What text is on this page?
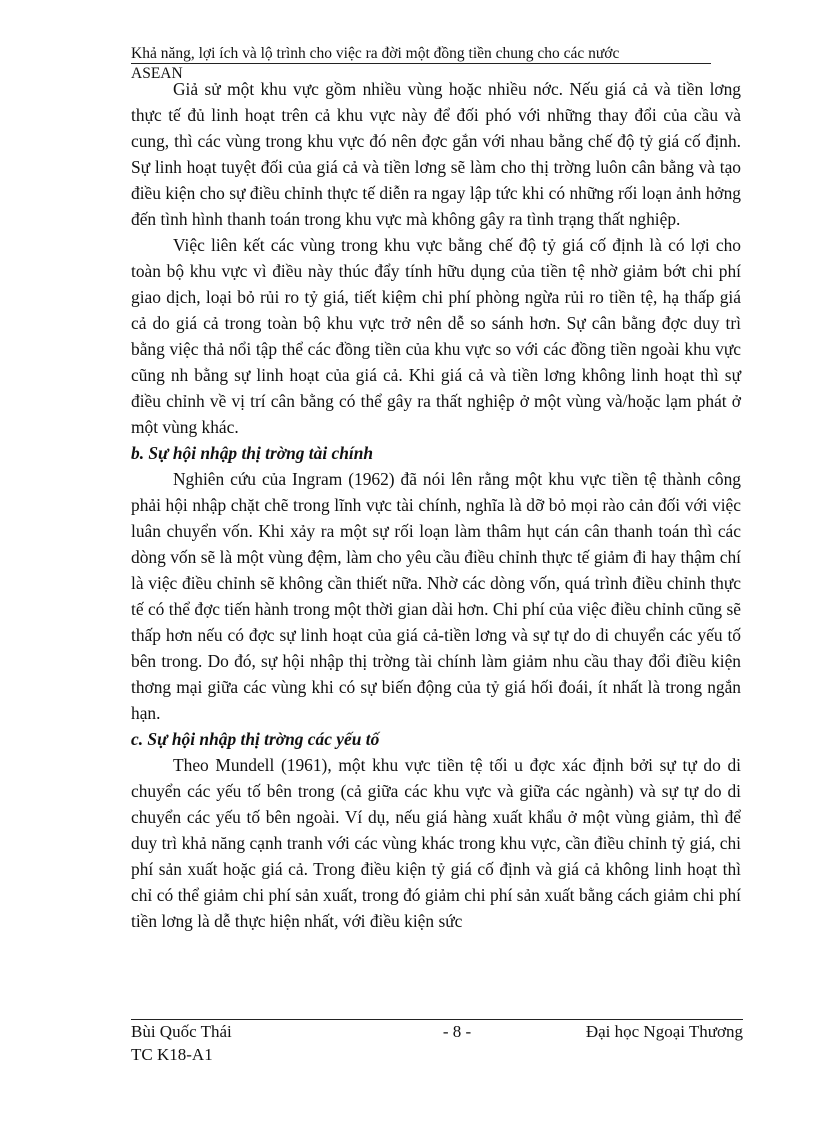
Khả năng, lợi ích và lộ trình cho việc ra đời một đồng tiền chung cho các nước
ASEAN

Giả sử một khu vực gồm nhiều vùng hoặc nhiều nớc. Nếu giá cả và tiền lơng thực tế đủ linh hoạt trên cả khu vực này để đối phó với những thay đổi của cầu và cung, thì các vùng trong khu vực đó nên đợc gắn với nhau bằng chế độ tỷ giá cố định. Sự linh hoạt tuyệt đối của giá cả và tiền lơng sẽ làm cho thị trờng luôn cân bằng và tạo điều kiện cho sự điều chỉnh thực tế diễn ra ngay lập tức khi có những rối loạn ảnh hởng đến tình hình thanh toán trong khu vực mà không gây ra tình trạng thất nghiệp.

Việc liên kết các vùng trong khu vực bằng chế độ tỷ giá cố định là có lợi cho toàn bộ khu vực vì điều này thúc đẩy tính hữu dụng của tiền tệ nhờ giảm bớt chi phí giao dịch, loại bỏ rủi ro tỷ giá, tiết kiệm chi phí phòng ngừa rủi ro tiền tệ, hạ thấp giá cả do giá cả trong toàn bộ khu vực trở nên dễ so sánh hơn. Sự cân bằng đợc duy trì bằng việc thả nổi tập thể các đồng tiền của khu vực so với các đồng tiền ngoài khu vực cũng nh bằng sự linh hoạt của giá cả. Khi giá cả và tiền lơng không linh hoạt thì sự điều chỉnh về vị trí cân bằng có thể gây ra thất nghiệp ở một vùng và/hoặc lạm phát ở một vùng khác.

b. Sự hội nhập thị trờng tài chính

Nghiên cứu của Ingram (1962) đã nói lên rằng một khu vực tiền tệ thành công phải hội nhập chặt chẽ trong lĩnh vực tài chính, nghĩa là dỡ bỏ mọi rào cản đối với việc luân chuyển vốn. Khi xảy ra một sự rối loạn làm thâm hụt cán cân thanh toán thì các dòng vốn sẽ là một vùng đệm, làm cho yêu cầu điều chỉnh thực tế giảm đi hay thậm chí là việc điều chỉnh sẽ không cần thiết nữa. Nhờ các dòng vốn, quá trình điều chỉnh thực tế có thể đợc tiến hành trong một thời gian dài hơn. Chi phí của việc điều chỉnh cũng sẽ thấp hơn nếu có đợc sự linh hoạt của giá cả-tiền lơng và sự tự do di chuyển các yếu tố bên trong. Do đó, sự hội nhập thị trờng tài chính làm giảm nhu cầu thay đổi điều kiện thơng mại giữa các vùng khi có sự biến động của tỷ giá hối đoái, ít nhất là trong ngắn hạn.

c. Sự hội nhập thị trờng các yếu tố

Theo Mundell (1961), một khu vực tiền tệ tối u đợc xác định bởi sự tự do di chuyển các yếu tố bên trong (cả giữa các khu vực và giữa các ngành) và sự tự do di chuyển các yếu tố bên ngoài. Ví dụ, nếu giá hàng xuất khẩu ở một vùng giảm, thì để duy trì khả năng cạnh tranh với các vùng khác trong khu vực, cần điều chỉnh tỷ giá, chi phí sản xuất hoặc giá cả. Trong điều kiện tỷ giá cố định và giá cả không linh hoạt thì chỉ có thể giảm chi phí sản xuất, trong đó giảm chi phí sản xuất bằng cách giảm chi phí tiền lơng là dễ thực hiện nhất, với điều kiện sức

Bùi Quốc Thái	- 8 -	Đại học Ngoại Thương
TC K18-A1
